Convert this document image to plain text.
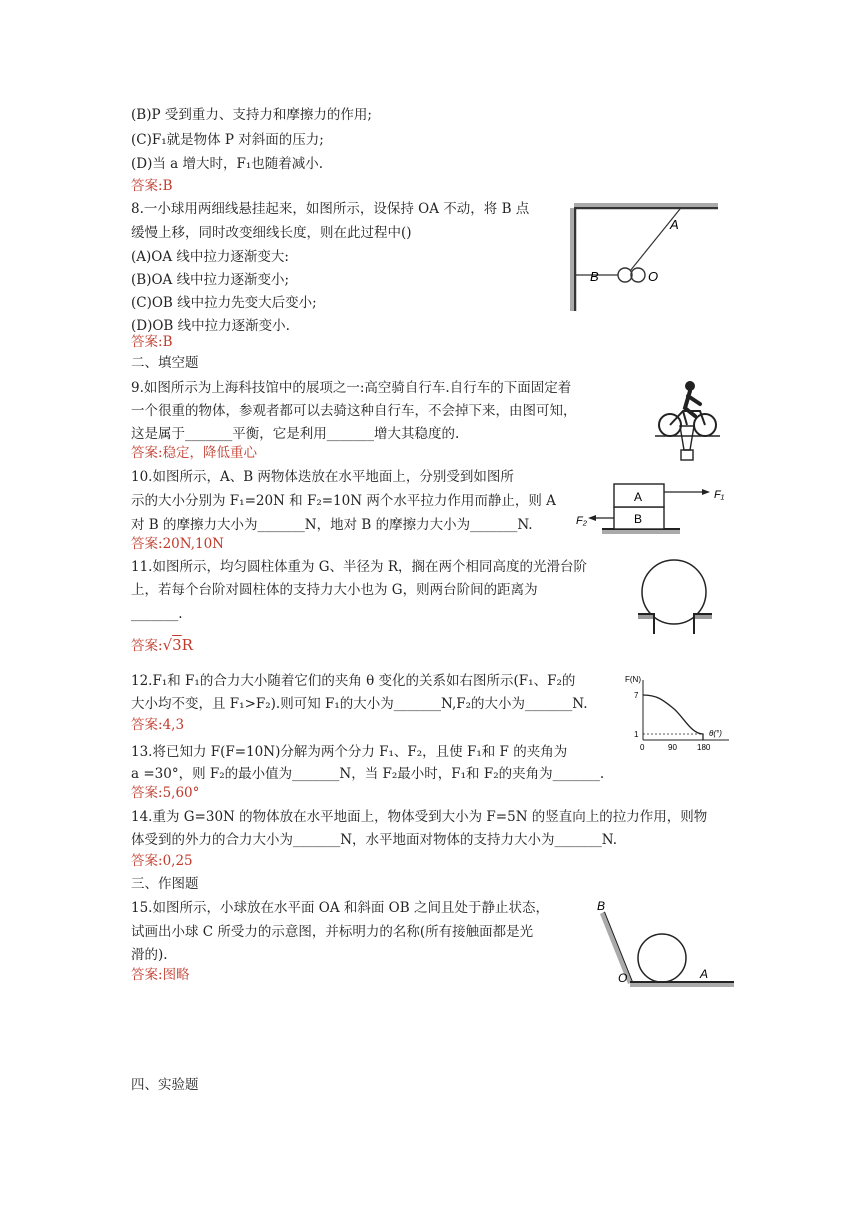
(B)P 受到重力、支持力和摩擦力的作用;
(C)F₁就是物体 P 对斜面的压力;
(D)当 a 增大时，F₁也随着减小.
答案:B
8.一小球用两细线悬挂起来，如图所示，设保持 OA 不动，将 B 点
缓慢上移，同时改变细线长度，则在此过程中()
(A)OA 线中拉力逐渐变大:
(B)OA 线中拉力逐渐变小;
(C)OB 线中拉力先变大后变小;
(D)OB 线中拉力逐渐变小.
答案:B
A
B	O
二、填空题
9.如图所示为上海科技馆中的展项之一:高空骑自行车.自行车的下面固定着
一个很重的物体，参观者都可以去骑这种自行车，不会掉下来，由图可知，
这是属于_______平衡，它是利用_______增大其稳度的.
答案:稳定，降低重心
10.如图所示，A、B 两物体迭放在水平地面上，分别受到如图所
示的大小分别为 F₁=20N 和 F₂=10N 两个水平拉力作用而静止，则 A
对 B 的摩擦力大小为_______N，地对 B 的摩擦力大小为_______N.
答案:20N,10N
A
B
F₁
F₂
11.如图所示，均匀圆柱体重为 G、半径为 R，搁在两个相同高度的光滑台阶
上，若每个台阶对圆柱体的支持力大小也为 G，则两台阶间的距离为
_______.
答案:√3R
12.F₁和 F₁的合力大小随着它们的夹角 θ 变化的关系如右图所示(F₁、F₂的
大小均不变，且 F₁>F₂).则可知 F₁的大小为_______N,F₂的大小为_______N.
答案:4,3
F(N)
θ(°)
7
1
0	90	180
13.将已知力 F(F=10N)分解为两个分力 F₁、F₂，且使 F₁和 F 的夹角为
a =30°，则 F₂的最小值为_______N，当 F₂最小时，F₁和 F₂的夹角为_______.
答案:5,60°
14.重为 G=30N 的物体放在水平地面上，物体受到大小为 F=5N 的竖直向上的拉力作用，则物
体受到的外力的合力大小为_______N，水平地面对物体的支持力大小为_______N.
答案:0,25
三、作图题
15.如图所示，小球放在水平面 OA 和斜面 OB 之间且处于静止状态，
试画出小球 C 所受力的示意图，并标明力的名称(所有接触面都是光
滑的).
答案:图略
B
O	A
四、实验题
